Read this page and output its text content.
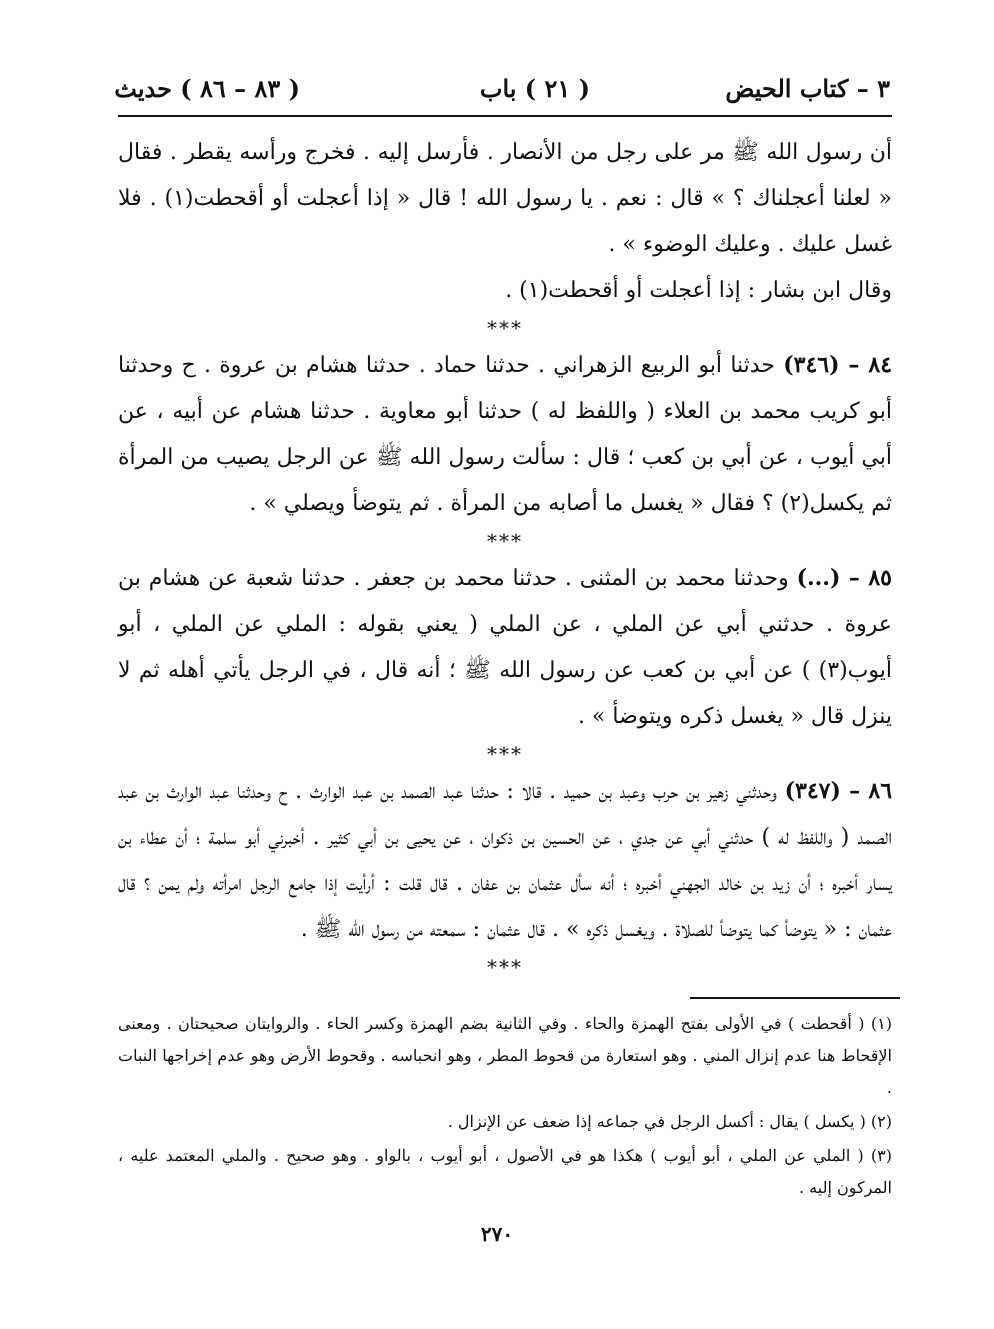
٣ – كتاب الحيض
( ٢١ ) باب
( ٨٣ – ٨٦ ) حديث

أن رسول الله ﷺ مر على رجل من الأنصار . فأرسل إليه . فخرج ورأسه يقطر . فقال « لعلنا أعجلناك ؟ » قال : نعم . يا رسول الله ! قال « إذا أعجلت أو أقحطت(١) . فلا غسل عليك . وعليك الوضوء » .

وقال ابن بشار : إذا أعجلت أو أقحطت(١) .

***

٨٤ – (٣٤٦) حدثنا أبو الربيع الزهراني . حدثنا حماد . حدثنا هشام بن عروة . ح وحدثنا أبو كريب محمد بن العلاء ( واللفظ له ) حدثنا أبو معاوية . حدثنا هشام عن أبيه ، عن أبي أيوب ، عن أبي بن كعب ؛ قال : سألت رسول الله ﷺ عن الرجل يصيب من المرأة ثم يكسل(٢) ؟ فقال « يغسل ما أصابه من المرأة . ثم يتوضأ ويصلي » .

***

٨٥ – (...) وحدثنا محمد بن المثنى . حدثنا محمد بن جعفر . حدثنا شعبة عن هشام بن عروة . حدثني أبي عن الملي ، عن الملي ( يعني بقوله : الملي عن الملي ، أبو أيوب(٣) ) عن أبي بن كعب عن رسول الله ﷺ ؛ أنه قال ، في الرجل يأتي أهله ثم لا ينزل قال « يغسل ذكره ويتوضأ » .

***

٨٦ – (٣٤٧) وحدثني زهير بن حرب وعبد بن حميد . قالا : حدثنا عبد الصمد بن عبد الوارث . ح وحدثنا عبد الوارث بن عبد الصمد ( واللفظ له ) حدثني أبي عن جدي ، عن الحسين بن ذكوان ، عن يحيى بن أبي كثير . أخبرني أبو سلمة ؛ أن عطاء بن يسار أخبره ؛ أن زيد بن خالد الجهني أخبره ؛ أنه سأل عثمان بن عفان . قال قلت : أرأيت إذا جامع الرجل امرأته ولم يمن ؟ قال عثمان : « يتوضأ كما يتوضأ للصلاة . ويغسل ذكره » . قال عثمان : سمعته من رسول الله ﷺ .

***

(١) ( أقحطت ) في الأولى بفتح الهمزة والحاء . وفي الثانية بضم الهمزة وكسر الحاء . والروايتان صحيحتان . ومعنى الإقحاط هنا عدم إنزال المني . وهو استعارة من قحوط المطر ، وهو انحباسه . وقحوط الأرض وهو عدم إخراجها النبات .

(٢) ( يكسل ) يقال : أكسل الرجل في جماعه إذا ضعف عن الإنزال .

(٣) ( الملي عن الملي ، أبو أيوب ) هكذا هو في الأصول ، أبو أيوب ، بالواو . وهو صحيح . والملي المعتمد عليه ، المركون إليه .

٢٧٠
